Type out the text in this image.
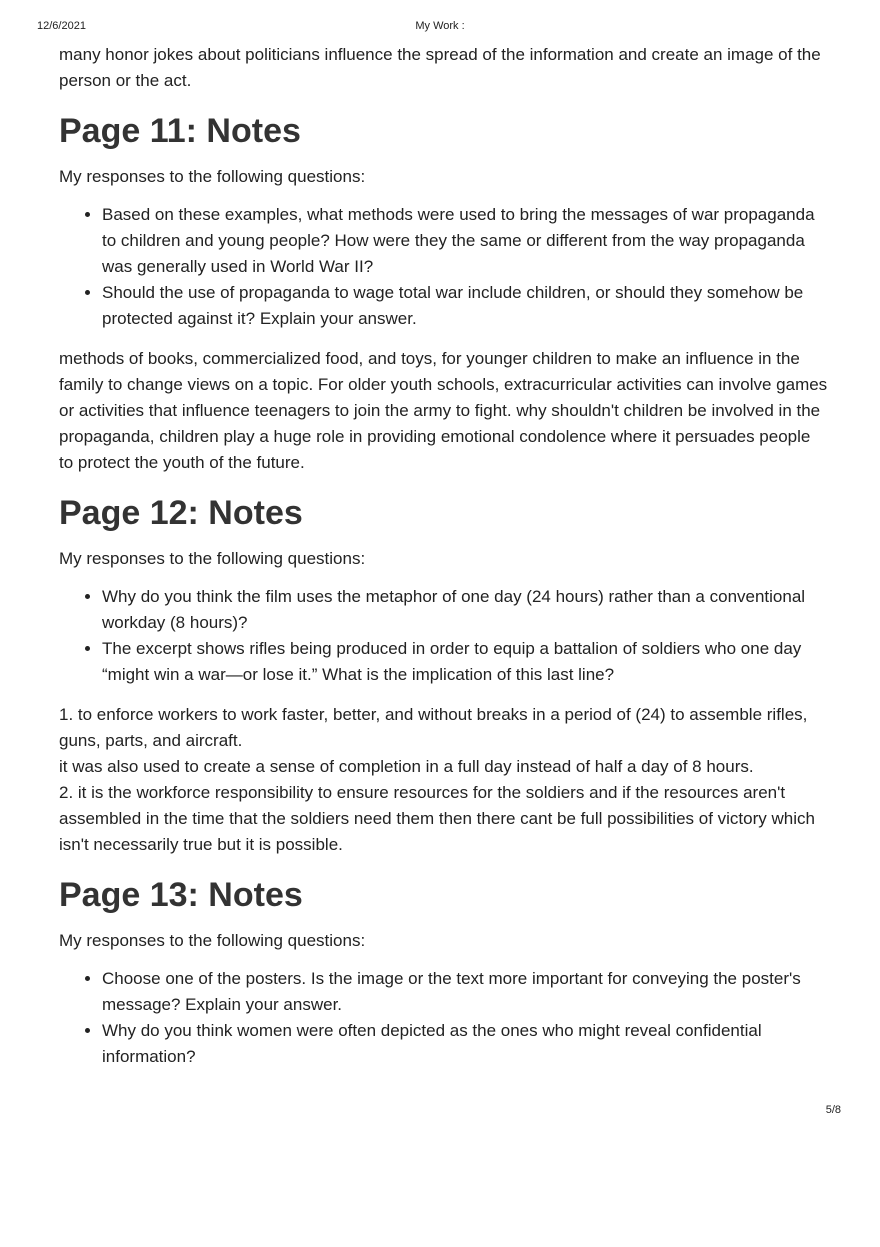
12/6/2021	My Work :

many honor jokes about politicians influence the spread of the information and create an image of the person or the act.

Page 11: Notes

My responses to the following questions:

• Based on these examples, what methods were used to bring the messages of war propaganda to children and young people? How were they the same or different from the way propaganda was generally used in World War II?
• Should the use of propaganda to wage total war include children, or should they somehow be protected against it? Explain your answer.

methods of books, commercialized food, and toys, for younger children to make an influence in the family to change views on a topic. For older youth schools, extracurricular activities can involve games or activities that influence teenagers to join the army to fight. why shouldn't children be involved in the propaganda, children play a huge role in providing emotional condolence where it persuades people to protect the youth of the future.

Page 12: Notes

My responses to the following questions:

• Why do you think the film uses the metaphor of one day (24 hours) rather than a conventional workday (8 hours)?
• The excerpt shows rifles being produced in order to equip a battalion of soldiers who one day “might win a war—or lose it.” What is the implication of this last line?

1. to enforce workers to work faster, better, and without breaks in a period of (24) to assemble rifles, guns, parts, and aircraft.

it was also used to create a sense of completion in a full day instead of half a day of 8 hours.

2. it is the workforce responsibility to ensure resources for the soldiers and if the resources aren't assembled in the time that the soldiers need them then there cant be full possibilities of victory which isn't necessarily true but it is possible.

Page 13: Notes

My responses to the following questions:

• Choose one of the posters. Is the image or the text more important for conveying the poster's message? Explain your answer.
• Why do you think women were often depicted as the ones who might reveal confidential information?
5/8
